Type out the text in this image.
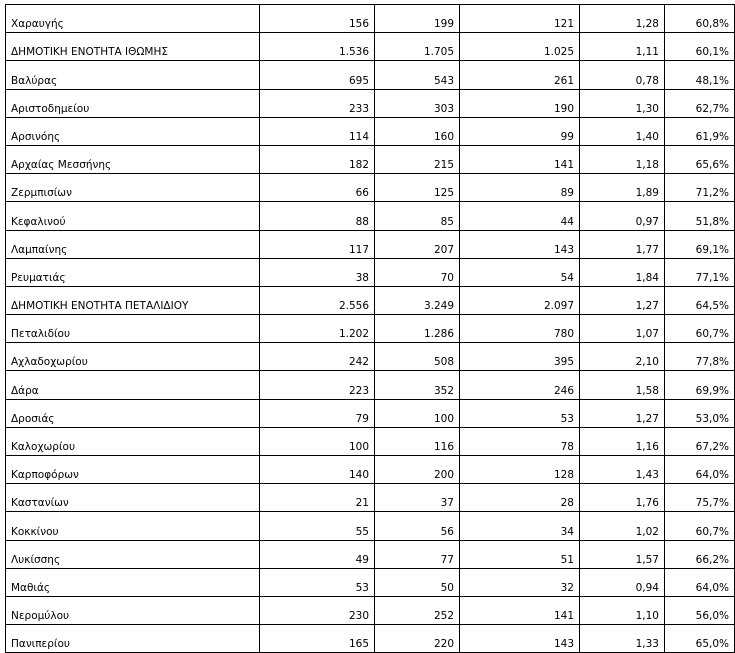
Χαραυγής	156	199	121	1,28	60,8%
ΔΗΜΟΤΙΚΗ ΕΝΟΤΗΤΑ ΙΘΩΜΗΣ	1.536	1.705	1.025	1,11	60,1%
Βαλύρας	695	543	261	0,78	48,1%
Αριστοδημείου	233	303	190	1,30	62,7%
Αρσινόης	114	160	99	1,40	61,9%
Αρχαίας Μεσσήνης	182	215	141	1,18	65,6%
Ζερμπισίων	66	125	89	1,89	71,2%
Κεφαλινού	88	85	44	0,97	51,8%
Λαμπαίνης	117	207	143	1,77	69,1%
Ρευματιάς	38	70	54	1,84	77,1%
ΔΗΜΟΤΙΚΗ ΕΝΟΤΗΤΑ ΠΕΤΑΛΙΔΙΟΥ	2.556	3.249	2.097	1,27	64,5%
Πεταλιδίου	1.202	1.286	780	1,07	60,7%
Αχλαδοχωρίου	242	508	395	2,10	77,8%
Δάρα	223	352	246	1,58	69,9%
Δροσιάς	79	100	53	1,27	53,0%
Καλοχωρίου	100	116	78	1,16	67,2%
Καρποφόρων	140	200	128	1,43	64,0%
Καστανίων	21	37	28	1,76	75,7%
Κοκκίνου	55	56	34	1,02	60,7%
Λυκίσσης	49	77	51	1,57	66,2%
Μαθιάς	53	50	32	0,94	64,0%
Νερομύλου	230	252	141	1,10	56,0%
Πανιπερίου	165	220	143	1,33	65,0%
